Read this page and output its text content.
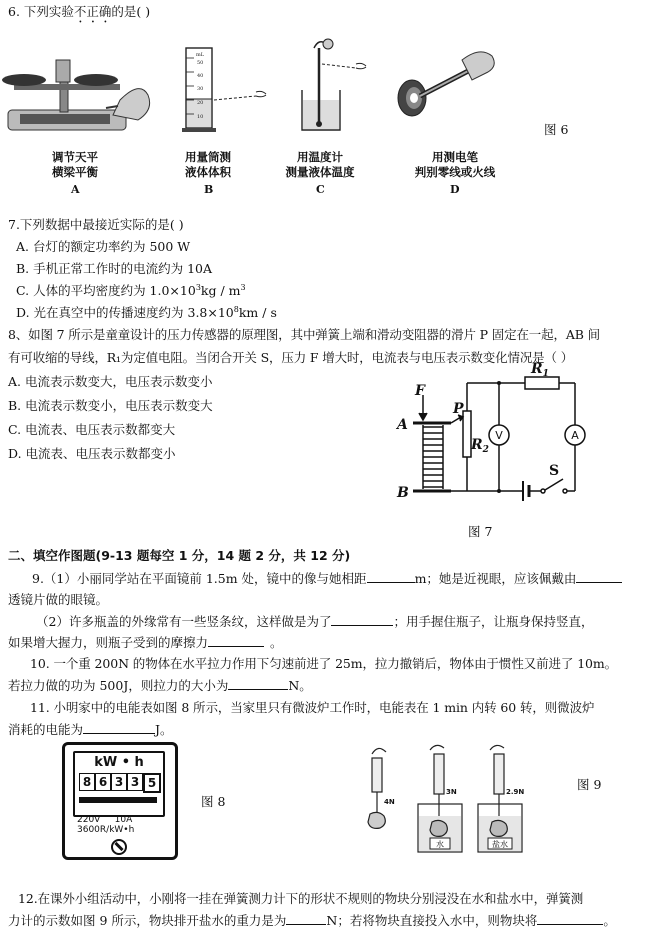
6. 下列实验不正确的是( )
mL
50
40
30
20
10
图 6
调节天平
横梁平衡
用量筒测
液体体积
用温度计
测量液体温度
用测电笔
判别零线或火线
A	B	C	D
7.下列数据中最接近实际的是( )
A. 台灯的额定功率约为 500 W
B. 手机正常工作时的电流约为 10A
C. 人体的平均密度约为 $1.0\times 10^3kg / m^3$
D. 光在真空中的传播速度约为 $3.8\times 10^8km / s$
8、如图 7 所示是童童设计的压力传感器的原理图，其中弹簧上端和滑动变阻器的滑片 P 固定在一起，AB 间
有可收缩的导线，R₁为定值电阻。当闭合开关 S，压力 F 增大时，电流表与电压表示数变化情况是（ ）
A. 电流表示数变大，电压表示数变小
B. 电流表示数变小，电压表示数变大
C. 电流表、电压表示数都变大
D. 电流表、电压表示数都变小
F
P
A
B
$R_1$
$R_2$
S
V	A
图 7
二、填空作图题(9-13 题每空 1 分，14 题 2 分，共 12 分)
9.（1）小丽同学站在平面镜前 1.5m 处，镜中的像与她相距	m；她是近视眼，应该佩戴由
透镜片做的眼镜。
（2）许多瓶盖的外缘常有一些竖条纹，这样做是为了	；用手握住瓶子，让瓶身保持竖直，
如果增大握力，则瓶子受到的摩擦力	。
10. 一个重 200N 的物体在水平拉力作用下匀速前进了 25m，拉力撤销后，物体由于惯性又前进了 10m。
若拉力做的功为 500J，则拉力的大小为	N。
11. 小明家中的电能表如图 8 所示，当家里只有微波炉工作时，电能表在 1 min 内转 60 转，则微波炉
消耗的电能为	J。
kW • h
8 6 3 3 5
220V     10A
3600R/kW•h
图 8	4N
3N	2.9N
水	盐水
图 9
12.在课外小组活动中，小刚将一挂在弹簧测力计下的形状不规则的物块分别浸没在水和盐水中，弹簧测
力计的示数如图 9 所示，物块排开盐水的重力是为	N；若将物块直接投入水中，则物块将	。
